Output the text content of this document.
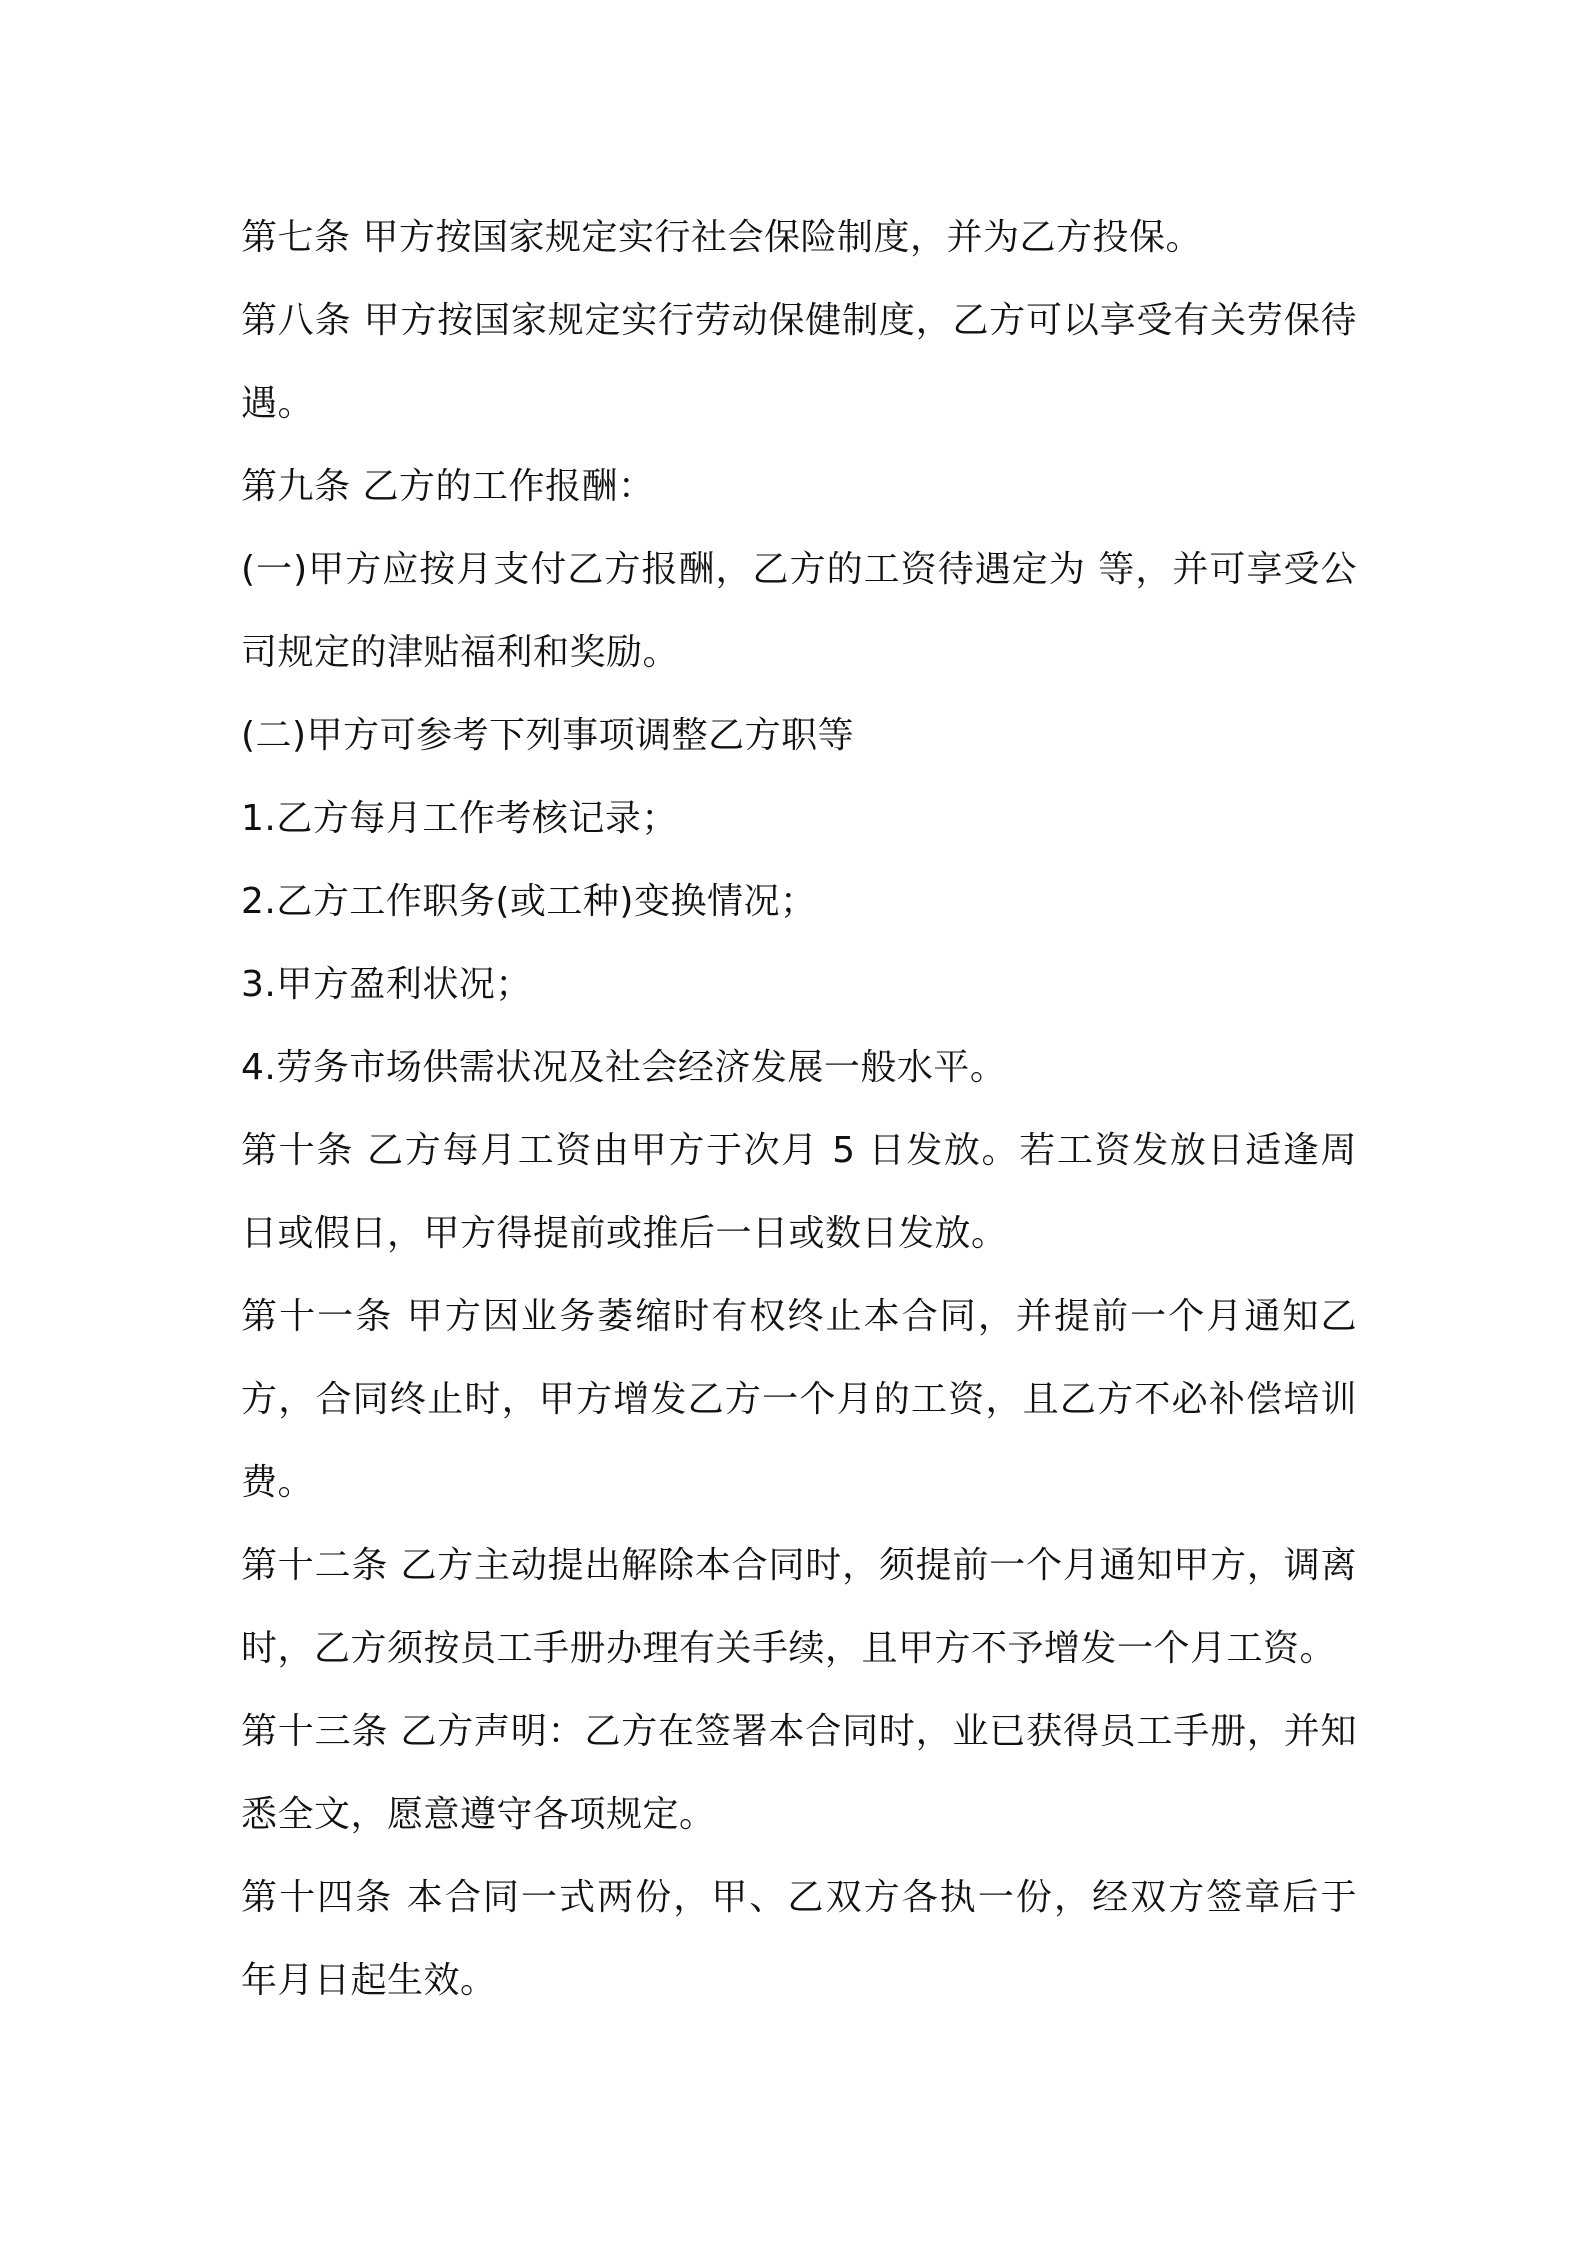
第七条 甲方按国家规定实行社会保险制度，并为乙方投保。

第八条 甲方按国家规定实行劳动保健制度，乙方可以享受有关劳保待遇。

第九条 乙方的工作报酬：

(一)甲方应按月支付乙方报酬，乙方的工资待遇定为 等，并可享受公司规定的津贴福利和奖励。

(二)甲方可参考下列事项调整乙方职等

1.乙方每月工作考核记录；

2.乙方工作职务(或工种)变换情况；

3.甲方盈利状况；

4.劳务市场供需状况及社会经济发展一般水平。

第十条 乙方每月工资由甲方于次月 5 日发放。若工资发放日适逢周日或假日，甲方得提前或推后一日或数日发放。

第十一条 甲方因业务萎缩时有权终止本合同，并提前一个月通知乙方，合同终止时，甲方增发乙方一个月的工资，且乙方不必补偿培训费。

第十二条 乙方主动提出解除本合同时，须提前一个月通知甲方，调离时，乙方须按员工手册办理有关手续，且甲方不予增发一个月工资。

第十三条 乙方声明：乙方在签署本合同时，业已获得员工手册，并知悉全文，愿意遵守各项规定。

第十四条 本合同一式两份，甲、乙双方各执一份，经双方签章后于 年月日起生效。
